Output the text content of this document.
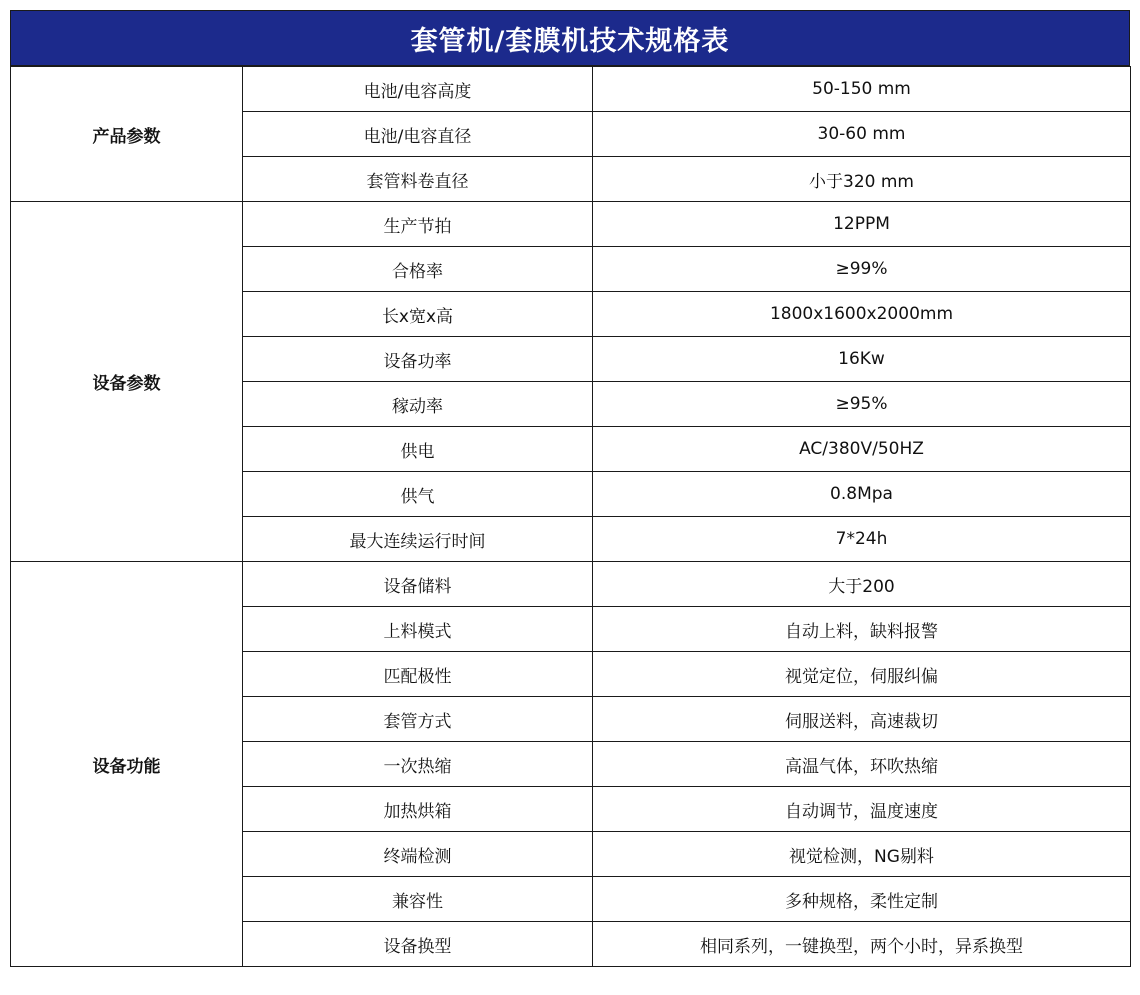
套管机/套膜机技术规格表
产品参数	电池/电容高度	50-150 mm
	电池/电容直径	30-60 mm
	套管料卷直径	小于320 mm
设备参数	生产节拍	12PPM
	合格率	≥99%
	长x宽x高	1800x1600x2000mm
	设备功率	16Kw
	稼动率	≥95%
	供电	AC/380V/50HZ
	供气	0.8Mpa
	最大连续运行时间	7*24h
设备功能	设备储料	大于200
	上料模式	自动上料，缺料报警
	匹配极性	视觉定位，伺服纠偏
	套管方式	伺服送料，高速裁切
	一次热缩	高温气体，环吹热缩
	加热烘箱	自动调节，温度速度
	终端检测	视觉检测，NG剔料
	兼容性	多种规格，柔性定制
	设备换型	相同系列，一键换型，两个小时，异系换型
